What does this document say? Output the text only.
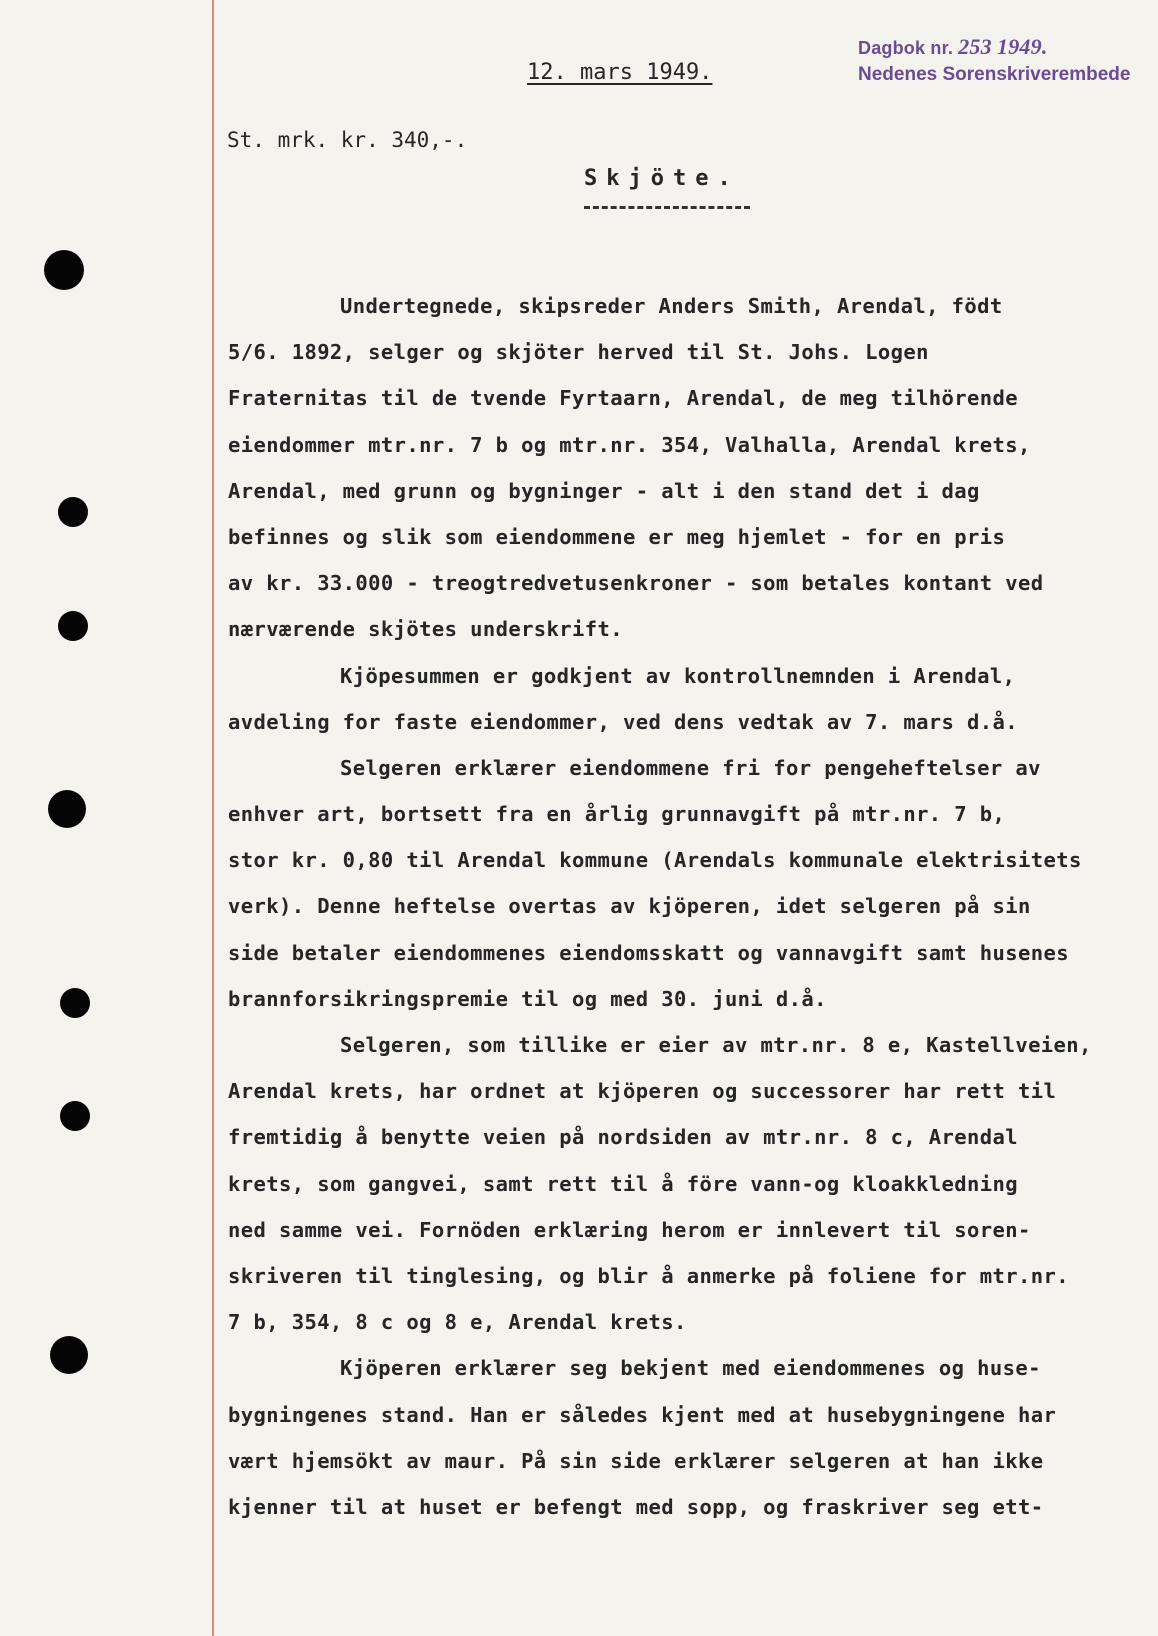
Dagbok nr. 253 1949.
Nedenes Sorenskriverembede
12. mars 1949.
St. mrk. kr. 340,-.
Skjöte.
Undertegnede, skipsreder Anders Smith, Arendal, födt
5/6. 1892, selger og skjöter herved til St. Johs. Logen
Fraternitas til de tvende Fyrtaarn, Arendal, de meg tilhörende
eiendommer mtr.nr. 7 b og mtr.nr. 354, Valhalla, Arendal krets,
Arendal, med grunn og bygninger - alt i den stand det i dag
befinnes og slik som eiendommene er meg hjemlet - for en pris
av kr. 33.000 - treogtredvetusenkroner - som betales kontant ved
nærværende skjötes underskrift.
Kjöpesummen er godkjent av kontrollnemnden i Arendal,
avdeling for faste eiendommer, ved dens vedtak av 7. mars d.å.
Selgeren erklærer eiendommene fri for pengeheftelser av
enhver art, bortsett fra en årlig grunnavgift på mtr.nr. 7 b,
stor kr. 0,80 til Arendal kommune (Arendals kommunale elektrisitets
verk). Denne heftelse overtas av kjöperen, idet selgeren på sin
side betaler eiendommenes eiendomsskatt og vannavgift samt husenes
brannforsikringspremie til og med 30. juni d.å.
Selgeren, som tillike er eier av mtr.nr. 8 e, Kastellveien,
Arendal krets, har ordnet at kjöperen og successorer har rett til
fremtidig å benytte veien på nordsiden av mtr.nr. 8 c, Arendal
krets, som gangvei, samt rett til å före vann-og kloakkledning
ned samme vei. Fornöden erklæring herom er innlevert til soren-
skriveren til tinglesing, og blir å anmerke på foliene for mtr.nr.
7 b, 354, 8 c og 8 e, Arendal krets.
Kjöperen erklærer seg bekjent med eiendommenes og huse-
bygningenes stand. Han er således kjent med at husebygningene har
vært hjemsökt av maur. På sin side erklærer selgeren at han ikke
kjenner til at huset er befengt med sopp, og fraskriver seg ett-
